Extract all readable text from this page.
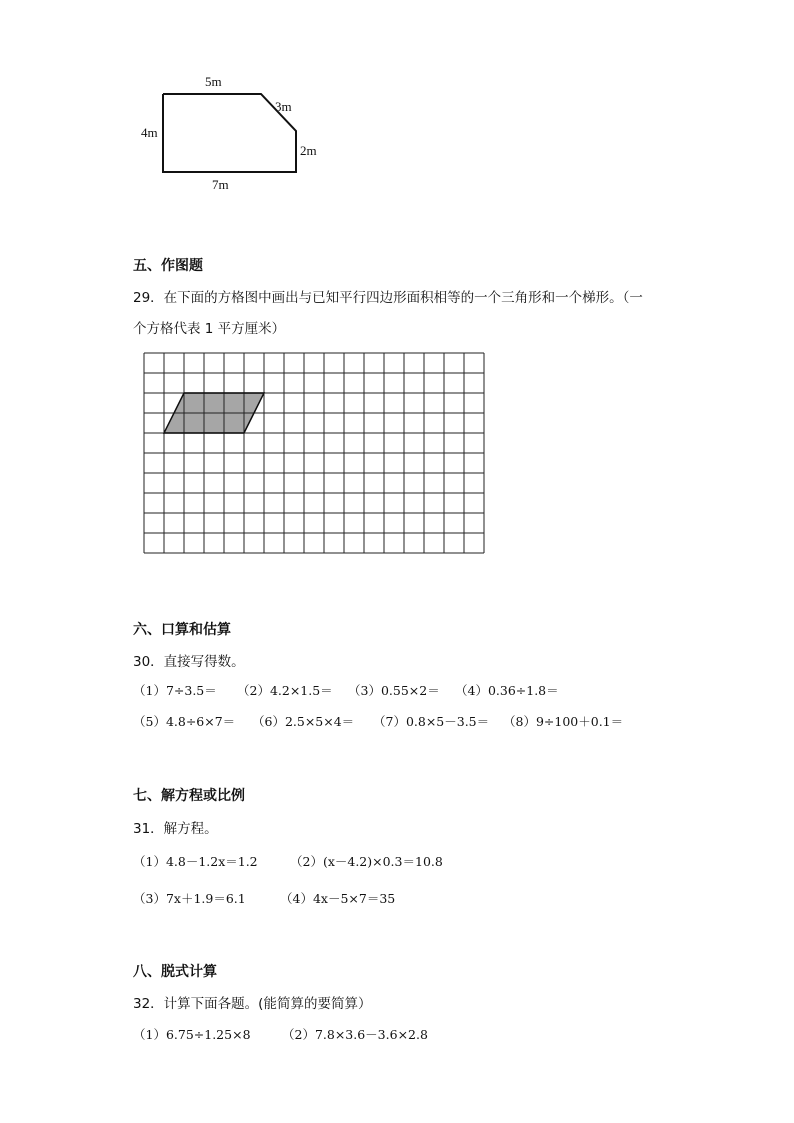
5m
3m
2m
4m
7m
五、作图题
29．在下面的方格图中画出与已知平行四边形面积相等的一个三角形和一个梯形。（一
个方格代表 1 平方厘米）
六、口算和估算
30．直接写得数。
（1）7÷3.5＝ （2）4.2×1.5＝ （3）0.55×2＝ （4）0.36÷1.8＝
（5）4.8÷6×7＝ （6）2.5×5×4＝ （7）0.8×5－3.5＝ （8）9÷100＋0.1＝
七、解方程或比例
31．解方程。
（1）4.8－1.2x＝1.2	（2）(x－4.2)×0.3＝10.8
（3）7x＋1.9＝6.1	（4）4x－5×7＝35
八、脱式计算
32．计算下面各题。(能简算的要简算）
（1）6.75÷1.25×8	（2）7.8×3.6－3.6×2.8
